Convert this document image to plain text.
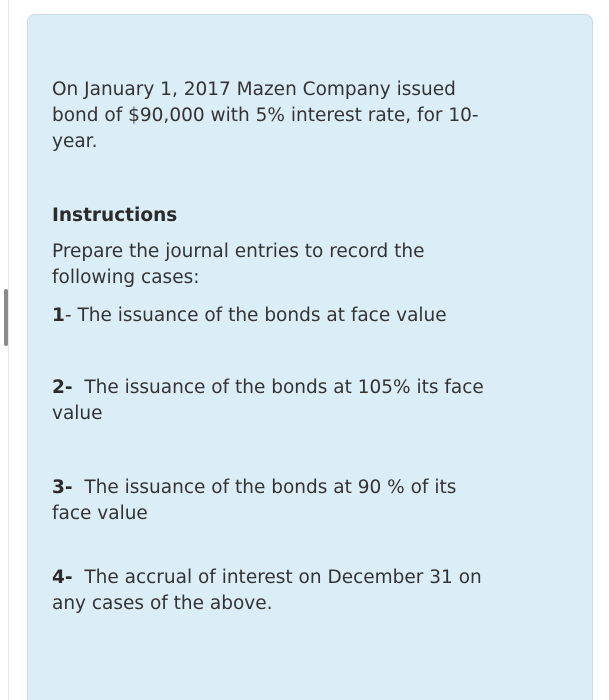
On January 1, 2017 Mazen Company issued
bond of $90,000 with 5% interest rate, for 10-
year.

Instructions

Prepare the journal entries to record the
following cases:

1- The issuance of the bonds at face value

2- The issuance of the bonds at 105% its face
value

3- The issuance of the bonds at 90 % of its
face value

4- The accrual of interest on December 31 on
any cases of the above.
